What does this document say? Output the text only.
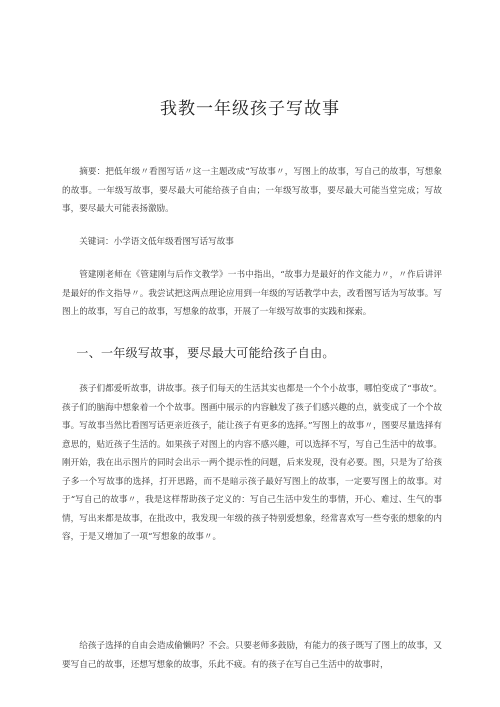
我教一年级孩子写故事
摘要：把低年级〃看图写话〃这一主题改成“写故事〃，写图上的故事，写自己的故事，写想象的故事。一年级写故事，要尽最大可能给孩子自由；一年级写故事，要尽最大可能当堂完成；写故事，要尽最大可能表扬激励。
关键词：小学语文低年级看图写话写故事
管建刚老师在《管建刚与后作文教学》一书中指出，“故事力是最好的作文能力〃，〃作后讲评是最好的作文指导〃。我尝试把这两点理论应用到一年级的写话教学中去，改看图写话为写故事。写图上的故事，写自己的故事，写想象的故事，开展了一年级写故事的实践和探索。
一、一年级写故事，要尽最大可能给孩子自由。
孩子们都爱听故事，讲故事。孩子们每天的生活其实也都是一个个小故事，哪怕变成了“事故”。孩子们的脑海中想象着一个个故事。图画中展示的内容触发了孩子们感兴趣的点，就变成了一个个故事。写故事当然比看图写话更亲近孩子，能让孩子有更多的选择。”写图上的故事〃，图要尽量选择有意思的，贴近孩子生活的。如果孩子对图上的内容不感兴趣，可以选择不写，写自己生活中的故事。刚开始，我在出示图片的同时会出示一两个提示性的问题，后来发现，没有必要。图，只是为了给孩子多一个写故事的选择，打开思路，而不是暗示孩子最好写图上的故事，一定要写图上的故事。对于“写自己的故事〃，我是这样帮助孩子定义的：写自己生活中发生的事情，开心、难过、生气的事情，写出来都是故事，在批改中，我发现一年级的孩子特别爱想象，经常喜欢写一些夸张的想象的内容，于是又增加了一项“写想象的故事〃。
给孩子选择的自由会造成偷懒吗？不会。只要老师多鼓励，有能力的孩子既写了图上的故事，又要写自己的故事，还想写想象的故事，乐此不疲。有的孩子在写自己生活中的故事时，
